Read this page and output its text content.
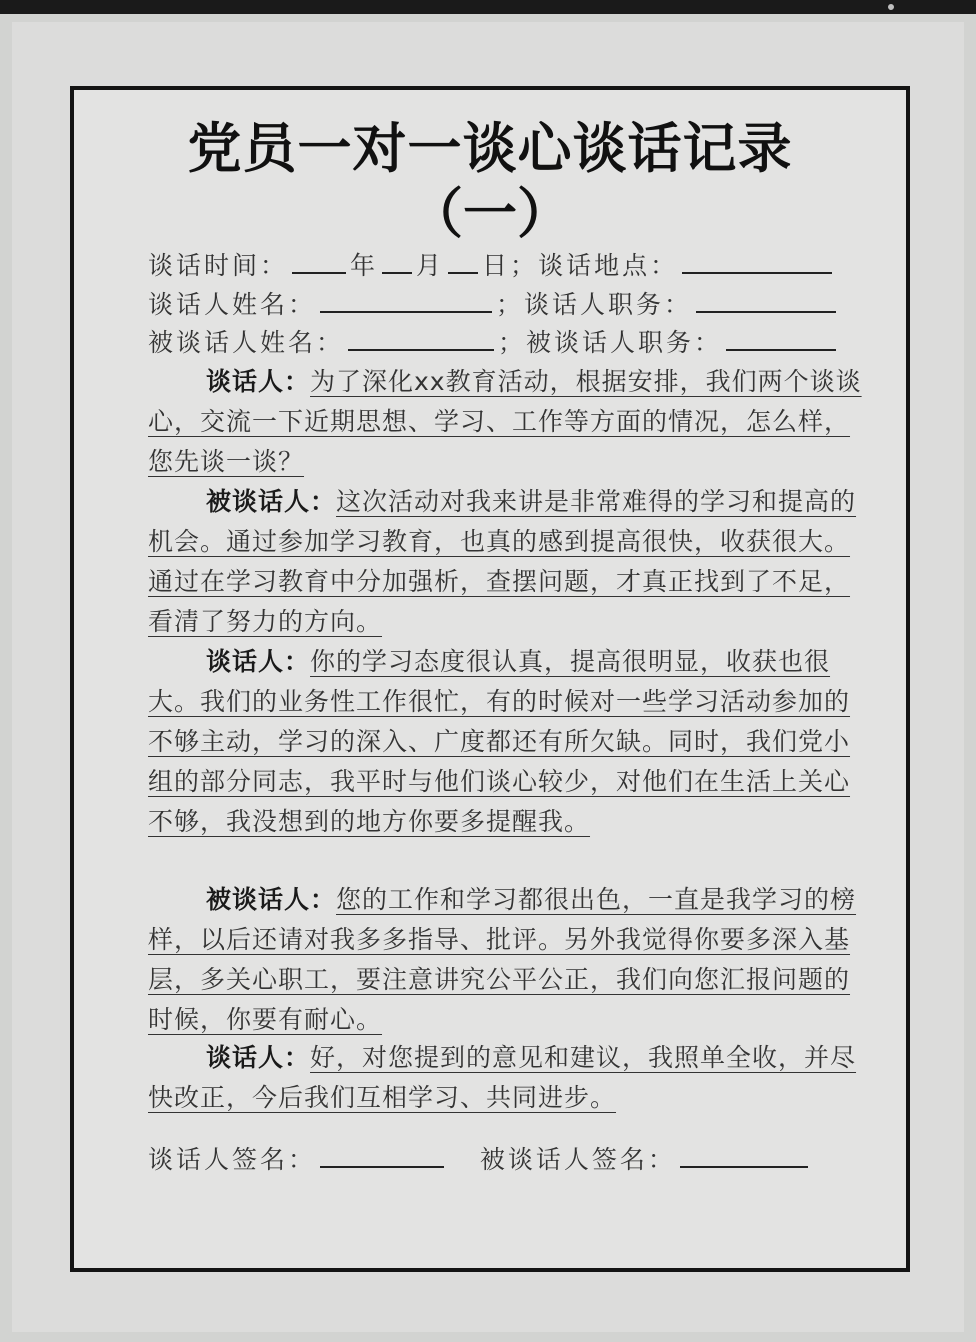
党员一对一谈心谈话记录
（一）
谈话时间： 年 月 日；谈话地点：
谈话人姓名：	；谈话人职务：
被谈话人姓名：	；被谈话人职务：
谈话人：为了深化xx教育活动，根据安排，我们两个谈谈心，交流一下近期思想、学习、工作等方面的情况，怎么样，您先谈一谈？
被谈话人：这次活动对我来讲是非常难得的学习和提高的机会。通过参加学习教育，也真的感到提高很快，收获很大。通过在学习教育中分加强析，查摆问题，才真正找到了不足，看清了努力的方向。
谈话人：你的学习态度很认真，提高很明显，收获也很大。我们的业务性工作很忙，有的时候对一些学习活动参加的不够主动，学习的深入、广度都还有所欠缺。同时，我们党小组的部分同志，我平时与他们谈心较少，对他们在生活上关心不够，我没想到的地方你要多提醒我。
被谈话人：您的工作和学习都很出色，一直是我学习的榜样，以后还请对我多多指导、批评。另外我觉得你要多深入基层，多关心职工，要注意讲究公平公正，我们向您汇报问题的时候，你要有耐心。
谈话人：好，对您提到的意见和建议，我照单全收，并尽快改正，今后我们互相学习、共同进步。
谈话人签名：	被谈话人签名：
